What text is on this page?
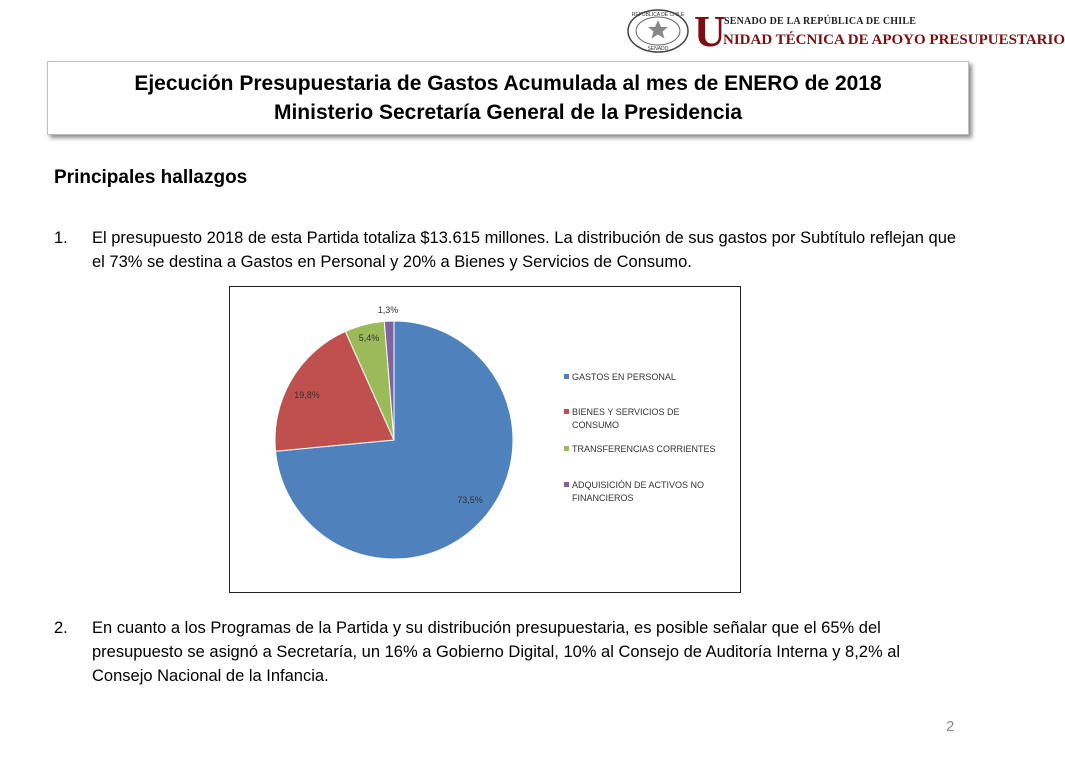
REPÚBLICA DE CHILE
SENADO U
SENADO DE LA REPÚBLICA DE CHILE
NIDAD TÉCNICA DE APOYO PRESUPUESTARIO
Ejecución Presupuestaria de Gastos Acumulada al mes de ENERO de 2018
Ministerio Secretaría General de la Presidencia
Principales hallazgos
1.	El presupuesto 2018 de esta Partida totaliza $13.615 millones. La distribución de sus gastos por Subtítulo reflejan que el 73% se destina a Gastos en Personal y 20% a Bienes y Servicios de Consumo.
73,5%
19,8%
5,4%
1,3%
GASTOS EN PERSONAL
BIENES Y SERVICIOS DE CONSUMO
TRANSFERENCIAS CORRIENTES
ADQUISICIÓN DE ACTIVOS NO FINANCIEROS
2.	En cuanto a los Programas de la Partida y su distribución presupuestaria, es posible señalar que el 65% del presupuesto se asignó a Secretaría, un 16% a Gobierno Digital, 10% al Consejo de Auditoría Interna y 8,2% al Consejo Nacional de la Infancia.
2
